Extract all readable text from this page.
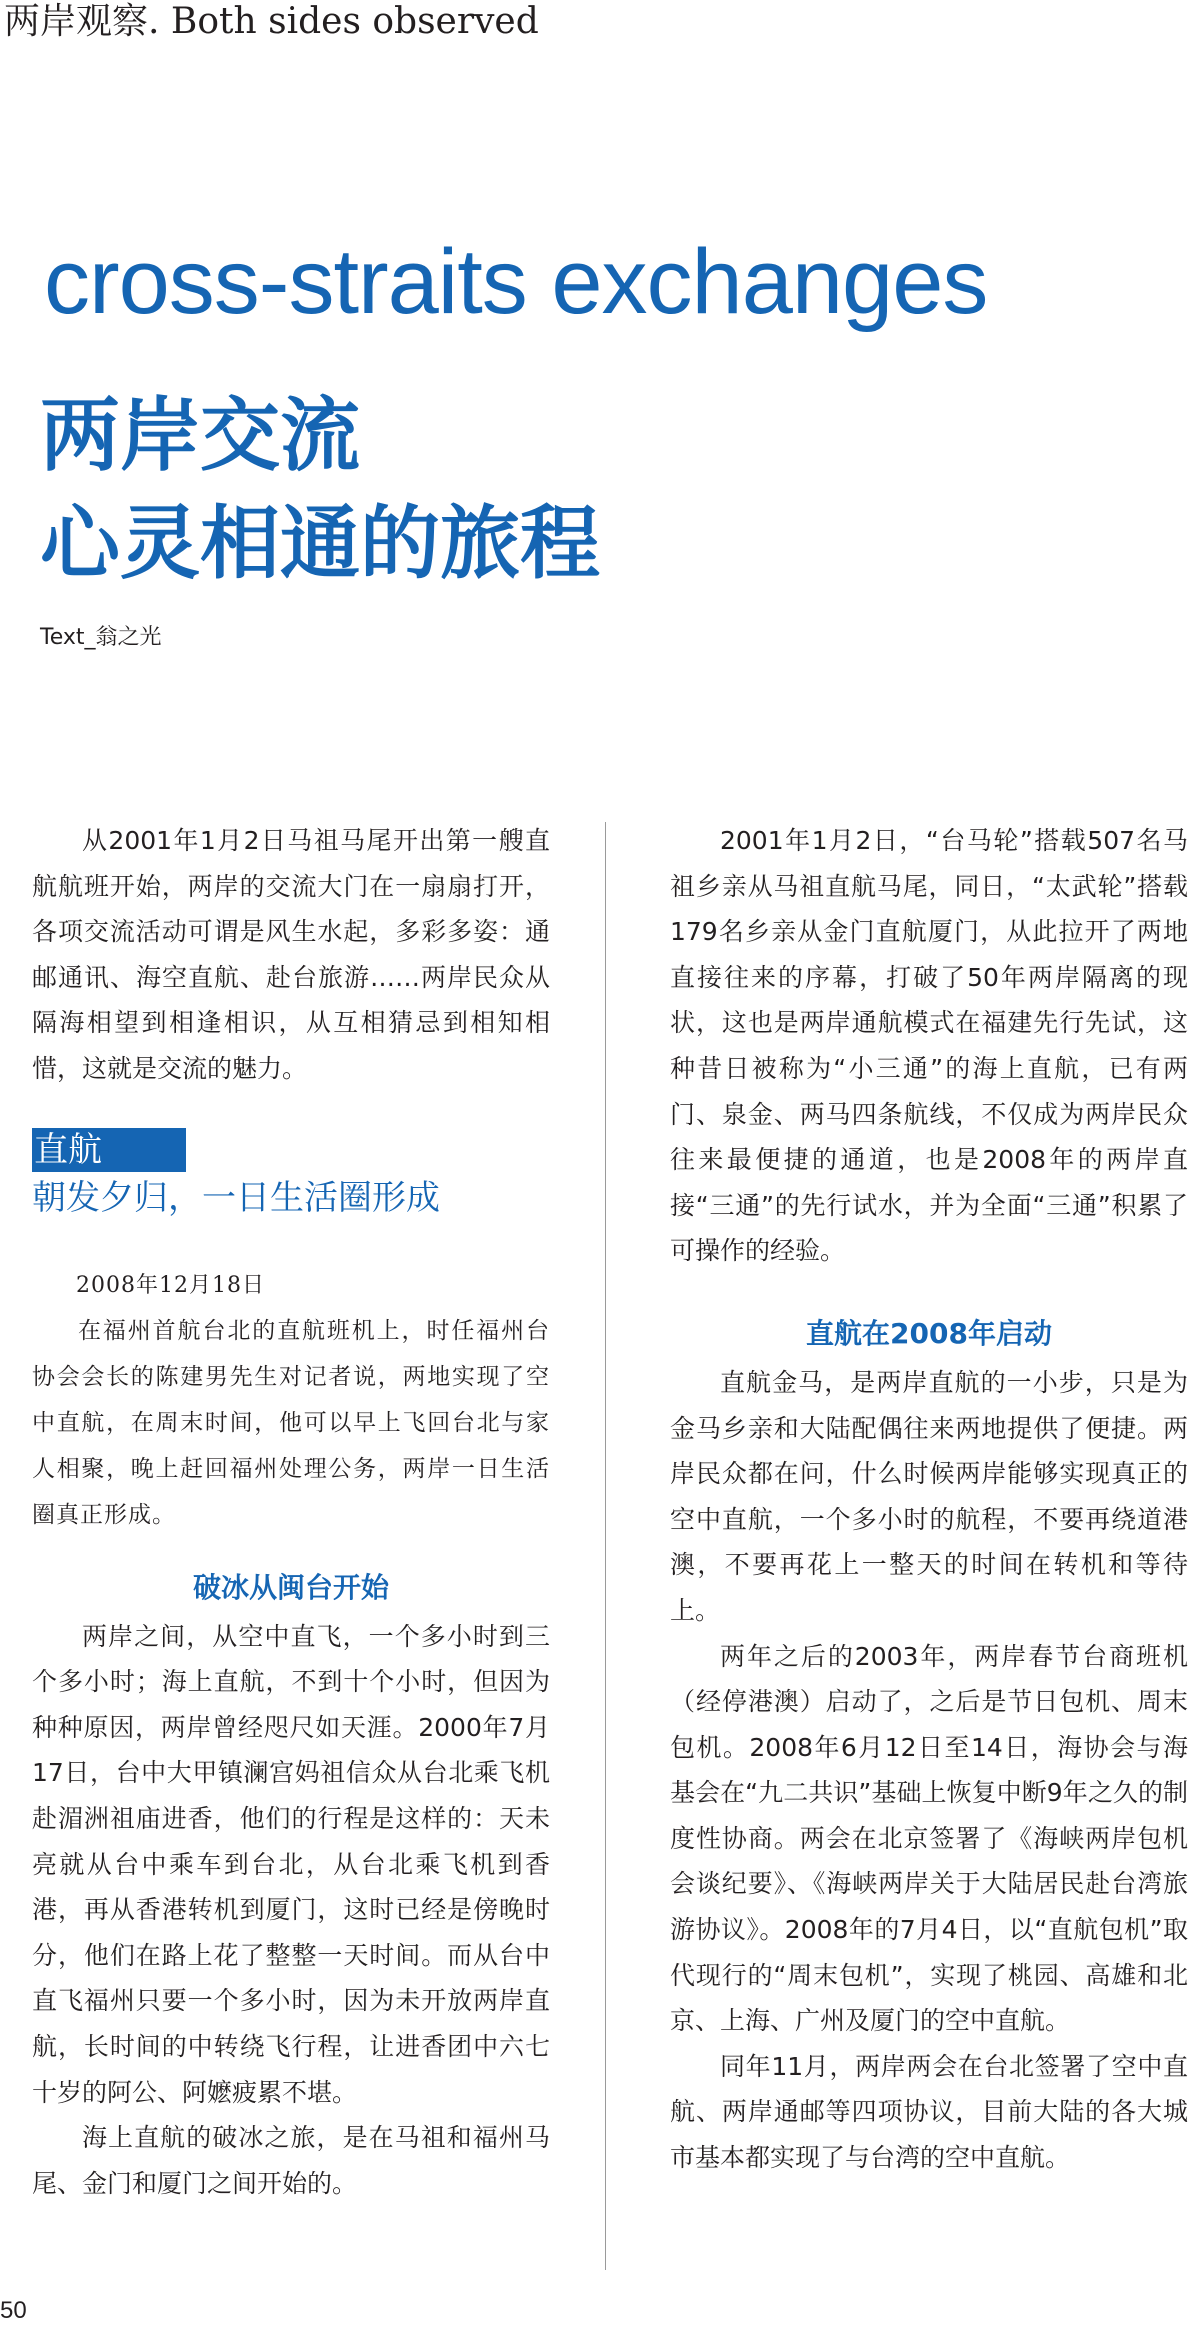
两岸观察. Both sides observed
cross-straits exchanges
两岸交流
心灵相通的旅程
Text_翁之光

从2001年1月2日马祖马尾开出第一艘直航航班开始，两岸的交流大门在一扇扇打开，各项交流活动可谓是风生水起，多彩多姿：通邮通讯、海空直航、赴台旅游……两岸民众从隔海相望到相逢相识，从互相猜忌到相知相惜，这就是交流的魅力。

直航
朝发夕归，一日生活圈形成

2008年12月18日

在福州首航台北的直航班机上，时任福州台协会会长的陈建男先生对记者说，两地实现了空中直航，在周末时间，他可以早上飞回台北与家人相聚，晚上赶回福州处理公务，两岸一日生活圈真正形成。

破冰从闽台开始

两岸之间，从空中直飞，一个多小时到三个多小时；海上直航，不到十个小时，但因为种种原因，两岸曾经咫尺如天涯。2000年7月17日，台中大甲镇澜宫妈祖信众从台北乘飞机赴湄洲祖庙进香，他们的行程是这样的：天未亮就从台中乘车到台北，从台北乘飞机到香港，再从香港转机到厦门，这时已经是傍晚时分，他们在路上花了整整一天时间。而从台中直飞福州只要一个多小时，因为未开放两岸直航，长时间的中转绕飞行程，让进香团中六七十岁的阿公、阿嬷疲累不堪。

海上直航的破冰之旅，是在马祖和福州马尾、金门和厦门之间开始的。

2001年1月2日，“台马轮”搭载507名马祖乡亲从马祖直航马尾，同日，“太武轮”搭载179名乡亲从金门直航厦门，从此拉开了两地直接往来的序幕，打破了50年两岸隔离的现状，这也是两岸通航模式在福建先行先试，这种昔日被称为“小三通”的海上直航，已有两门、泉金、两马四条航线，不仅成为两岸民众往来最便捷的通道，也是2008年的两岸直接“三通”的先行试水，并为全面“三通”积累了可操作的经验。

直航在2008年启动

直航金马，是两岸直航的一小步，只是为金马乡亲和大陆配偶往来两地提供了便捷。两岸民众都在问，什么时候两岸能够实现真正的空中直航，一个多小时的航程，不要再绕道港澳，不要再花上一整天的时间在转机和等待上。

两年之后的2003年，两岸春节台商班机（经停港澳）启动了，之后是节日包机、周末包机。2008年6月12日至14日，海协会与海基会在“九二共识”基础上恢复中断9年之久的制度性协商。两会在北京签署了《海峡两岸包机会谈纪要》、《海峡两岸关于大陆居民赴台湾旅游协议》。2008年的7月4日，以“直航包机”取代现行的“周末包机”，实现了桃园、高雄和北京、上海、广州及厦门的空中直航。

同年11月，两岸两会在台北签署了空中直航、两岸通邮等四项协议，目前大陆的各大城市基本都实现了与台湾的空中直航。

50
